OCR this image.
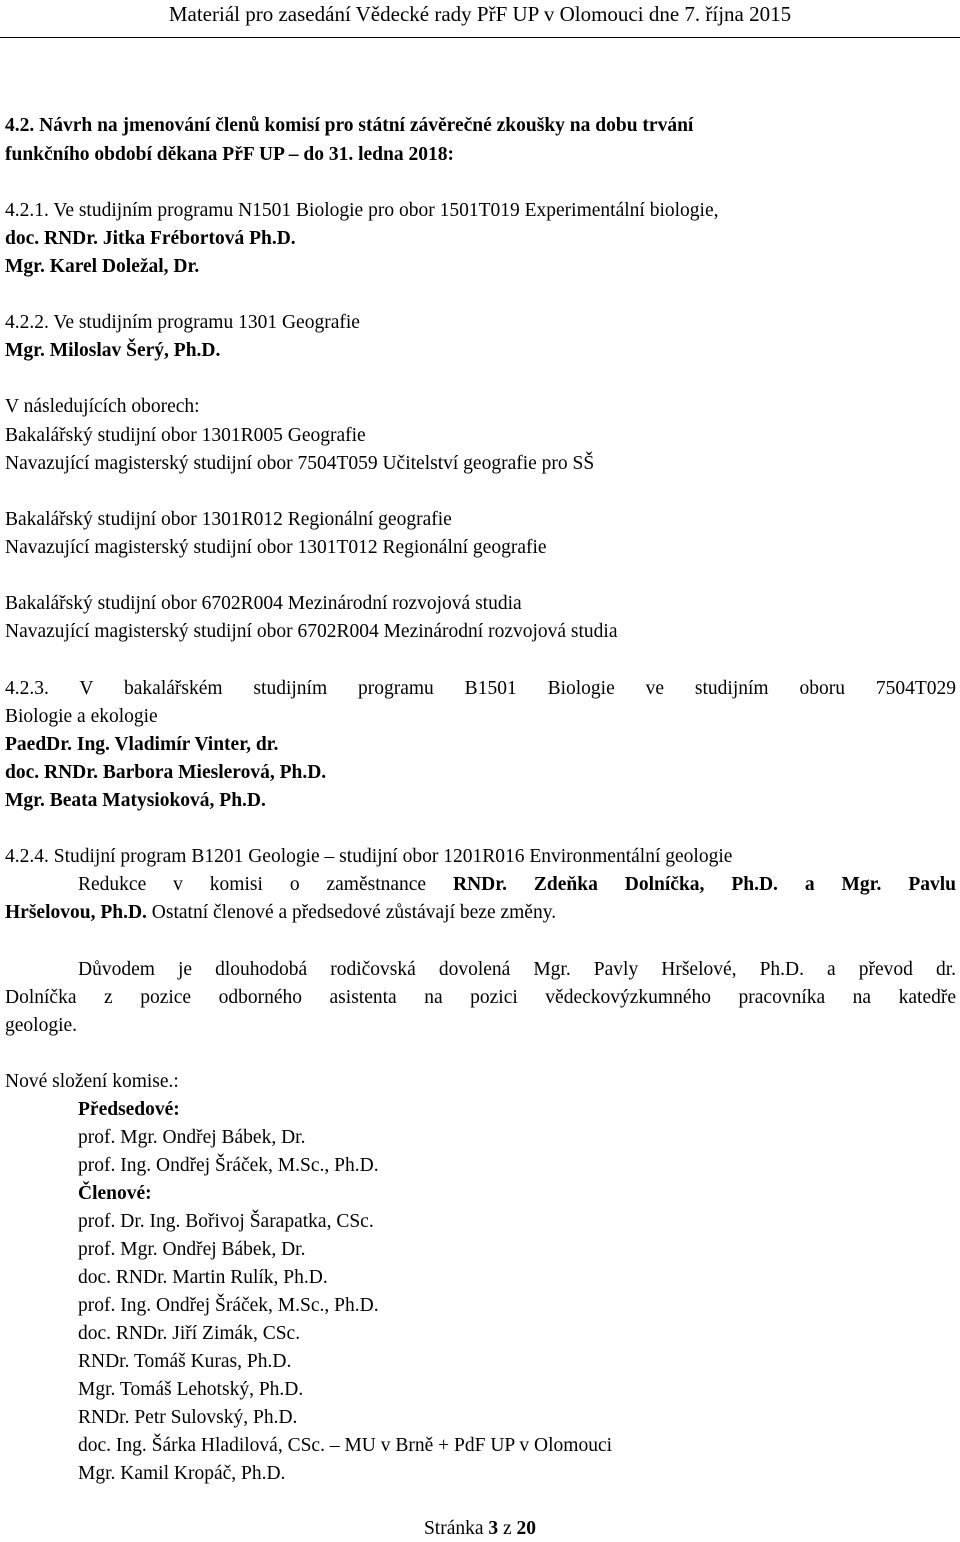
Materiál pro zasedání Vědecké rady PřF UP v Olomouci dne 7. října 2015
4.2. Návrh na jmenování členů komisí pro státní závěrečné zkoušky na dobu trvání
funkčního období děkana PřF UP – do 31. ledna 2018:
4.2.1. Ve studijním programu N1501 Biologie pro obor 1501T019 Experimentální biologie,
doc. RNDr. Jitka Frébortová Ph.D.
Mgr. Karel Doležal, Dr.
4.2.2. Ve studijním programu 1301 Geografie
Mgr. Miloslav Šerý, Ph.D.
V následujících oborech:
Bakalářský studijní obor 1301R005 Geografie
Navazující magisterský studijní obor 7504T059 Učitelství geografie pro SŠ
Bakalářský studijní obor 1301R012 Regionální geografie
Navazující magisterský studijní obor 1301T012 Regionální geografie
Bakalářský studijní obor 6702R004 Mezinárodní rozvojová studia
Navazující magisterský studijní obor 6702R004 Mezinárodní rozvojová studia
4.2.3. V bakalářském studijním programu B1501 Biologie ve studijním oboru 7504T029
Biologie a ekologie
PaedDr. Ing. Vladimír Vinter, dr.
doc. RNDr. Barbora Mieslerová, Ph.D.
Mgr. Beata Matysioková, Ph.D.
4.2.4. Studijní program B1201 Geologie – studijní obor 1201R016 Environmentální geologie
Redukce v komisi o zaměstnance RNDr. Zdeňka Dolníčka, Ph.D. a Mgr. Pavlu
Hršelovou, Ph.D. Ostatní členové a předsedové zůstávají beze změny.
Důvodem je dlouhodobá rodičovská dovolená Mgr. Pavly Hršelové, Ph.D. a převod dr.
Dolníčka z pozice odborného asistenta na pozici vědeckovýzkumného pracovníka na katedře
geologie.
Nové složení komise.:
Předsedové:
prof. Mgr. Ondřej Bábek, Dr.
prof. Ing. Ondřej Šráček, M.Sc., Ph.D.
Členové:
prof. Dr. Ing. Bořivoj Šarapatka, CSc.
prof. Mgr. Ondřej Bábek, Dr.
doc. RNDr. Martin Rulík, Ph.D.
prof. Ing. Ondřej Šráček, M.Sc., Ph.D.
doc. RNDr. Jiří Zimák, CSc.
RNDr. Tomáš Kuras, Ph.D.
Mgr. Tomáš Lehotský, Ph.D.
RNDr. Petr Sulovský, Ph.D.
doc. Ing. Šárka Hladilová, CSc. – MU v Brně + PdF UP v Olomouci
Mgr. Kamil Kropáč, Ph.D.
Stránka 3 z 20
